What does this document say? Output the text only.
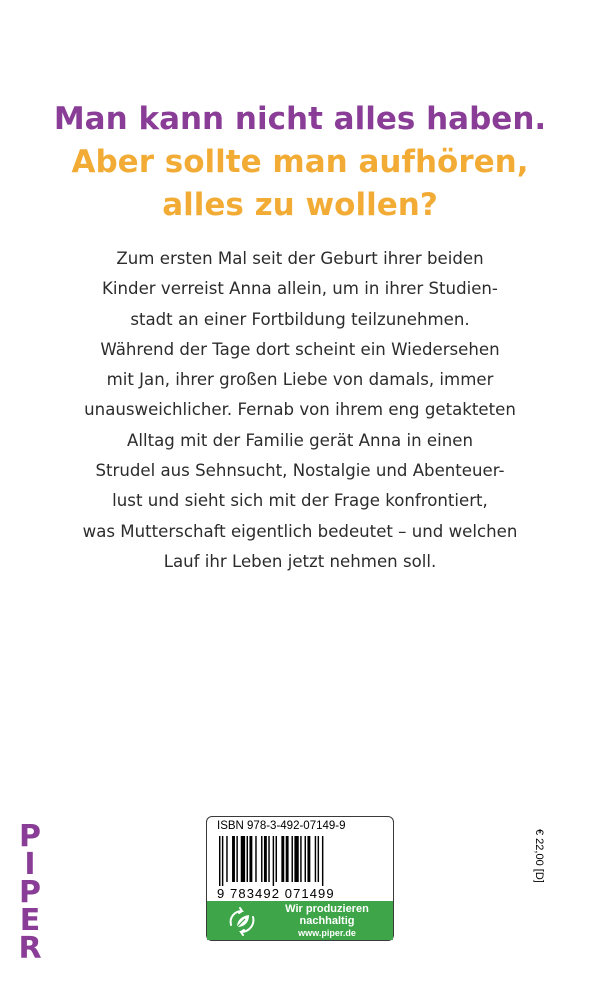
Man kann nicht alles haben.
Aber sollte man aufhören,
alles zu wollen?
Zum ersten Mal seit der Geburt ihrer beiden
Kinder verreist Anna allein, um in ihrer Studien-
stadt an einer Fortbildung teilzunehmen.
Während der Tage dort scheint ein Wiedersehen
mit Jan, ihrer großen Liebe von damals, immer
unausweichlicher. Fernab von ihrem eng getakteten
Alltag mit der Familie gerät Anna in einen
Strudel aus Sehnsucht, Nostalgie und Abenteuer-
lust und sieht sich mit der Frage konfrontiert,
was Mutterschaft eigentlich bedeutet – und welchen
Lauf ihr Leben jetzt nehmen soll.
P
I
P
E
R
ISBN 978-3-492-07149-9
9 783492 071499
€ 22,00 [D]
Wir produzieren
nachhaltig
www.piper.de
